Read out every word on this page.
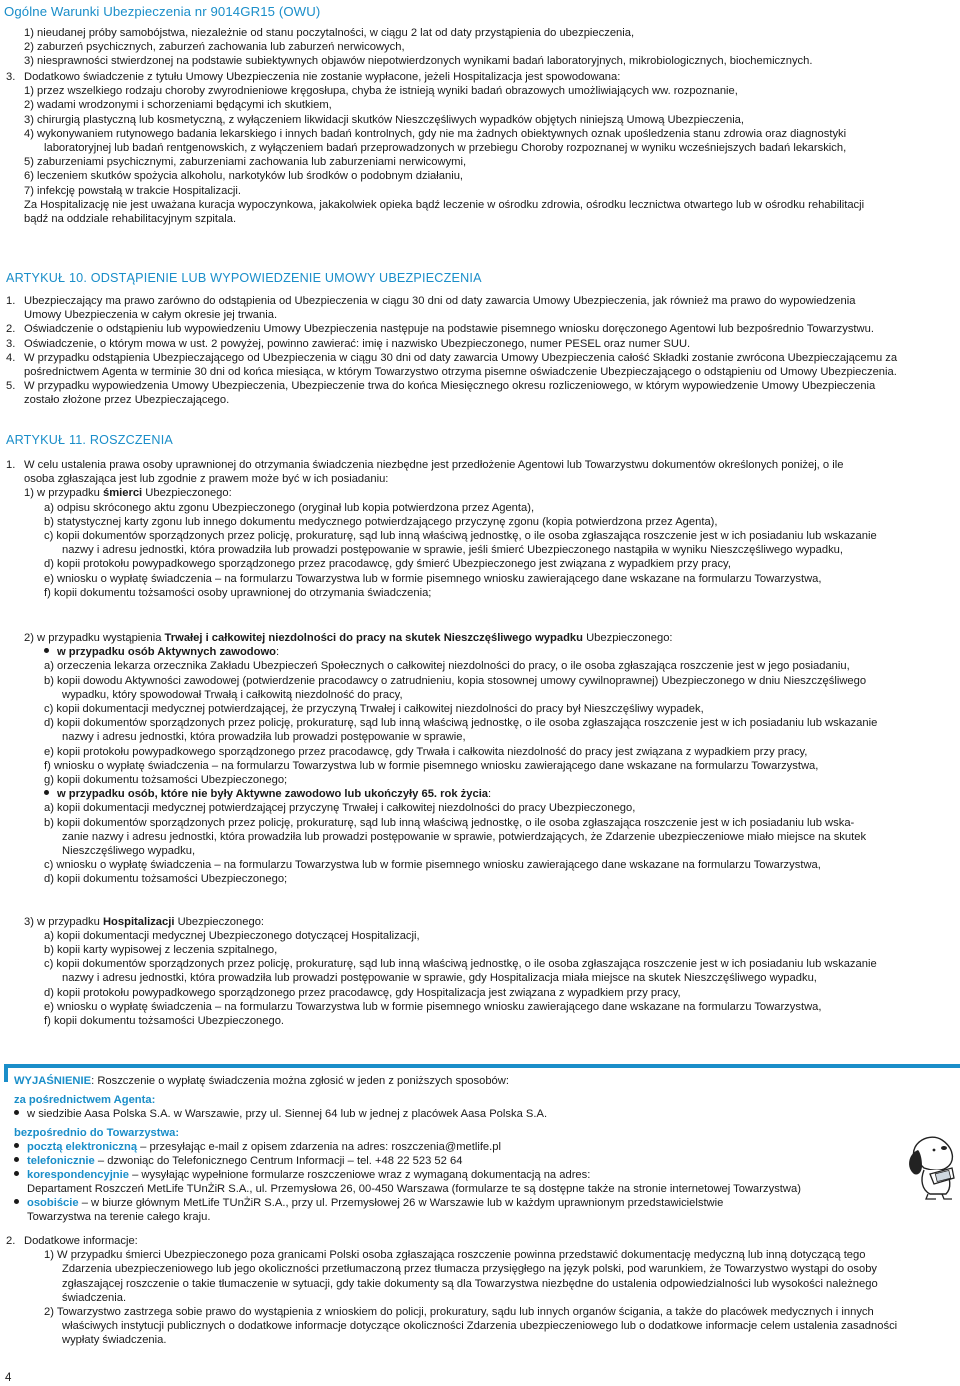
Ogólne Warunki Ubezpieczenia nr 9014GR15 (OWU)
1) nieudanej próby samobójstwa, niezależnie od stanu poczytalności, w ciągu 2 lat od daty przystąpienia do ubezpieczenia,
2) zaburzeń psychicznych, zaburzeń zachowania lub zaburzeń nerwicowych,
3) niesprawności stwierdzonej na podstawie subiektywnych objawów niepotwierdzonych wynikami badań laboratoryjnych, mikrobiologicznych, biochemicznych.
3. Dodatkowo świadczenie z tytułu Umowy Ubezpieczenia nie zostanie wypłacone, jeżeli Hospitalizacja jest spowodowana:
1) przez wszelkiego rodzaju choroby zwyrodnieniowe kręgosłupa, chyba że istnieją wyniki badań obrazowych umożliwiających ww. rozpoznanie,
2) wadami wrodzonymi i schorzeniami będącymi ich skutkiem,
3) chirurgią plastyczną lub kosmetyczną, z wyłączeniem likwidacji skutków Nieszczęśliwych wypadków objętych niniejszą Umową Ubezpieczenia,
4) wykonywaniem rutynowego badania lekarskiego i innych badań kontrolnych, gdy nie ma żadnych obiektywnych oznak upośledzenia stanu zdrowia oraz diagnostyki
laboratoryjnej lub badań rentgenowskich, z wyłączeniem badań przeprowadzonych w przebiegu Choroby rozpoznanej w wyniku wcześniejszych badań lekarskich,
5) zaburzeniami psychicznymi, zaburzeniami zachowania lub zaburzeniami nerwicowymi,
6) leczeniem skutków spożycia alkoholu, narkotyków lub środków o podobnym działaniu,
7) infekcję powstałą w trakcie Hospitalizacji.
Za Hospitalizację nie jest uważana kuracja wypoczynkowa, jakakolwiek opieka bądź leczenie w ośrodku zdrowia, ośrodku lecznictwa otwartego lub w ośrodku rehabilitacji
bądź na oddziale rehabilitacyjnym szpitala.
ARTYKUŁ 10. ODSTĄPIENIE LUB WYPOWIEDZENIE UMOWY UBEZPIECZENIA
1. Ubezpieczający ma prawo zarówno do odstąpienia od Ubezpieczenia w ciągu 30 dni od daty zawarcia Umowy Ubezpieczenia, jak również ma prawo do wypowiedzenia
Umowy Ubezpieczenia w całym okresie jej trwania.
2. Oświadczenie o odstąpieniu lub wypowiedzeniu Umowy Ubezpieczenia następuje na podstawie pisemnego wniosku doręczonego Agentowi lub bezpośrednio Towarzystwu.
3. Oświadczenie, o którym mowa w ust. 2 powyżej, powinno zawierać: imię i nazwisko Ubezpieczonego, numer PESEL oraz numer SUU.
4. W przypadku odstąpienia Ubezpieczającego od Ubezpieczenia w ciągu 30 dni od daty zawarcia Umowy Ubezpieczenia całość Składki zostanie zwrócona Ubezpieczającemu za
pośrednictwem Agenta w terminie 30 dni od końca miesiąca, w którym Towarzystwo otrzyma pisemne oświadczenie Ubezpieczającego o odstąpieniu od Umowy Ubezpieczenia.
5. W przypadku wypowiedzenia Umowy Ubezpieczenia, Ubezpieczenie trwa do końca Miesięcznego okresu rozliczeniowego, w którym wypowiedzenie Umowy Ubezpieczenia
zostało złożone przez Ubezpieczającego.
ARTYKUŁ 11. ROSZCZENIA
1. W celu ustalenia prawa osoby uprawnionej do otrzymania świadczenia niezbędne jest przedłożenie Agentowi lub Towarzystwu dokumentów określonych poniżej, o ile
osoba zgłaszająca jest lub zgodnie z prawem może być w ich posiadaniu:
1) w przypadku śmierci Ubezpieczonego:
a) odpisu skróconego aktu zgonu Ubezpieczonego (oryginał lub kopia potwierdzona przez Agenta),
b) statystycznej karty zgonu lub innego dokumentu medycznego potwierdzającego przyczynę zgonu (kopia potwierdzona przez Agenta),
c) kopii dokumentów sporządzonych przez policję, prokuraturę, sąd lub inną właściwą jednostkę, o ile osoba zgłaszająca roszczenie jest w ich posiadaniu lub wskazanie
nazwy i adresu jednostki, która prowadziła lub prowadzi postępowanie w sprawie, jeśli śmierć Ubezpieczonego nastąpiła w wyniku Nieszczęśliwego wypadku,
d) kopii protokołu powypadkowego sporządzonego przez pracodawcę, gdy śmierć Ubezpieczonego jest związana z wypadkiem przy pracy,
e) wniosku o wypłatę świadczenia – na formularzu Towarzystwa lub w formie pisemnego wniosku zawierającego dane wskazane na formularzu Towarzystwa,
f) kopii dokumentu tożsamości osoby uprawnionej do otrzymania świadczenia;
2) w przypadku wystąpienia Trwałej i całkowitej niezdolności do pracy na skutek Nieszczęśliwego wypadku Ubezpieczonego:
w przypadku osób Aktywnych zawodowo:
a) orzeczenia lekarza orzecznika Zakładu Ubezpieczeń Społecznych o całkowitej niezdolności do pracy, o ile osoba zgłaszająca roszczenie jest w jego posiadaniu,
b) kopii dowodu Aktywności zawodowej (potwierdzenie pracodawcy o zatrudnieniu, kopia stosownej umowy cywilnoprawnej) Ubezpieczonego w dniu Nieszczęśliwego
wypadku, który spowodował Trwałą i całkowitą niezdolność do pracy,
c) kopii dokumentacji medycznej potwierdzającej, że przyczyną Trwałej i całkowitej niezdolności do pracy był Nieszczęśliwy wypadek,
d) kopii dokumentów sporządzonych przez policję, prokuraturę, sąd lub inną właściwą jednostkę, o ile osoba zgłaszająca roszczenie jest w ich posiadaniu lub wskazanie
nazwy i adresu jednostki, która prowadziła lub prowadzi postępowanie w sprawie,
e) kopii protokołu powypadkowego sporządzonego przez pracodawcę, gdy Trwała i całkowita niezdolność do pracy jest związana z wypadkiem przy pracy,
f) wniosku o wypłatę świadczenia – na formularzu Towarzystwa lub w formie pisemnego wniosku zawierającego dane wskazane na formularzu Towarzystwa,
g) kopii dokumentu tożsamości Ubezpieczonego;
w przypadku osób, które nie były Aktywne zawodowo lub ukończyły 65. rok życia:
a) kopii dokumentacji medycznej potwierdzającej przyczynę Trwałej i całkowitej niezdolności do pracy Ubezpieczonego,
b) kopii dokumentów sporządzonych przez policję, prokuraturę, sąd lub inną właściwą jednostkę, o ile osoba zgłaszająca roszczenie jest w ich posiadaniu lub wska-
zanie nazwy i adresu jednostki, która prowadziła lub prowadzi postępowanie w sprawie, potwierdzających, że Zdarzenie ubezpieczeniowe miało miejsce na skutek
Nieszczęśliwego wypadku,
c) wniosku o wypłatę świadczenia – na formularzu Towarzystwa lub w formie pisemnego wniosku zawierającego dane wskazane na formularzu Towarzystwa,
d) kopii dokumentu tożsamości Ubezpieczonego;
3) w przypadku Hospitalizacji Ubezpieczonego:
a) kopii dokumentacji medycznej Ubezpieczonego dotyczącej Hospitalizacji,
b) kopii karty wypisowej z leczenia szpitalnego,
c) kopii dokumentów sporządzonych przez policję, prokuraturę, sąd lub inną właściwą jednostkę, o ile osoba zgłaszająca roszczenie jest w ich posiadaniu lub wskazanie
nazwy i adresu jednostki, która prowadziła lub prowadzi postępowanie w sprawie, gdy Hospitalizacja miała miejsce na skutek Nieszczęśliwego wypadku,
d) kopii protokołu powypadkowego sporządzonego przez pracodawcę, gdy Hospitalizacja jest związana z wypadkiem przy pracy,
e) wniosku o wypłatę świadczenia – na formularzu Towarzystwa lub w formie pisemnego wniosku zawierającego dane wskazane na formularzu Towarzystwa,
f) kopii dokumentu tożsamości Ubezpieczonego.
WYJAŚNIENIE: Roszczenie o wypłatę świadczenia można zgłosić w jeden z poniższych sposobów:
za pośrednictwem Agenta:
w siedzibie Aasa Polska S.A. w Warszawie, przy ul. Siennej 64 lub w jednej z placówek Aasa Polska S.A.
bezpośrednio do Towarzystwa:
pocztą elektroniczną – przesyłając e-mail z opisem zdarzenia na adres: roszczenia@metlife.pl
telefonicznie – dzwoniąc do Telefonicznego Centrum Informacji – tel. +48 22 523 52 64
korespondencyjnie – wysyłając wypełnione formularze roszczeniowe wraz z wymaganą dokumentacją na adres:
Departament Roszczeń MetLife TUnŻiR S.A., ul. Przemysłowa 26, 00-450 Warszawa (formularze te są dostępne także na stronie internetowej Towarzystwa)
osobiście – w biurze głównym MetLife TUnŻiR S.A., przy ul. Przemysłowej 26 w Warszawie lub w każdym uprawnionym przedstawicielstwie
Towarzystwa na terenie całego kraju.
2. Dodatkowe informacje:
1) W przypadku śmierci Ubezpieczonego poza granicami Polski osoba zgłaszająca roszczenie powinna przedstawić dokumentację medyczną lub inną dotyczącą tego
Zdarzenia ubezpieczeniowego lub jego okoliczności przetłumaczoną przez tłumacza przysięgłego na język polski, pod warunkiem, że Towarzystwo wystąpi do osoby
zgłaszającej roszczenie o takie tłumaczenie w sytuacji, gdy takie dokumenty są dla Towarzystwa niezbędne do ustalenia odpowiedzialności lub wysokości należnego
świadczenia.
2) Towarzystwo zastrzega sobie prawo do wystąpienia z wnioskiem do policji, prokuratury, sądu lub innych organów ścigania, a także do placówek medycznych i innych
właściwych instytucji publicznych o dodatkowe informacje dotyczące okoliczności Zdarzenia ubezpieczeniowego lub o dodatkowe informacje celem ustalenia zasadności
wypłaty świadczenia.
4
